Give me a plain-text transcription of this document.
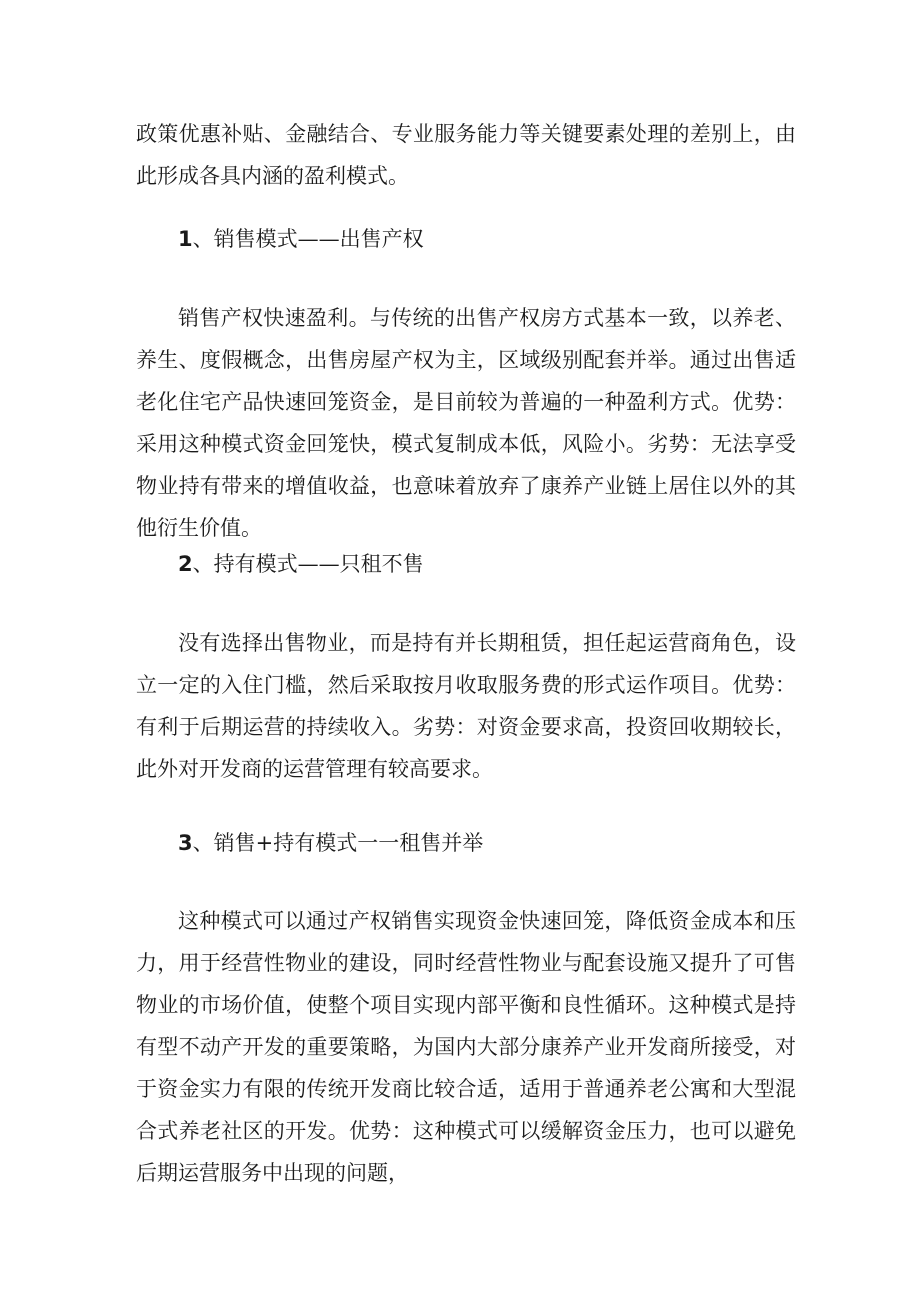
政策优惠补贴、金融结合、专业服务能力等关键要素处理的差别上，由此形成各具内涵的盈利模式。

1、销售模式——出售产权

销售产权快速盈利。与传统的出售产权房方式基本一致，以养老、养生、度假概念，出售房屋产权为主，区域级别配套并举。通过出售适老化住宅产品快速回笼资金，是目前较为普遍的一种盈利方式。优势：采用这种模式资金回笼快，模式复制成本低，风险小。劣势：无法享受物业持有带来的增值收益，也意味着放弃了康养产业链上居住以外的其他衍生价值。

2、持有模式——只租不售

没有选择出售物业，而是持有并长期租赁，担任起运营商角色，设立一定的入住门槛，然后采取按月收取服务费的形式运作项目。优势：有利于后期运营的持续收入。劣势：对资金要求高，投资回收期较长，此外对开发商的运营管理有较高要求。

3、销售+持有模式一一租售并举

这种模式可以通过产权销售实现资金快速回笼，降低资金成本和压力，用于经营性物业的建设，同时经营性物业与配套设施又提升了可售物业的市场价值，使整个项目实现内部平衡和良性循环。这种模式是持有型不动产开发的重要策略，为国内大部分康养产业开发商所接受，对于资金实力有限的传统开发商比较合适，适用于普通养老公寓和大型混合式养老社区的开发。优势：这种模式可以缓解资金压力，也可以避免后期运营服务中出现的问题，
